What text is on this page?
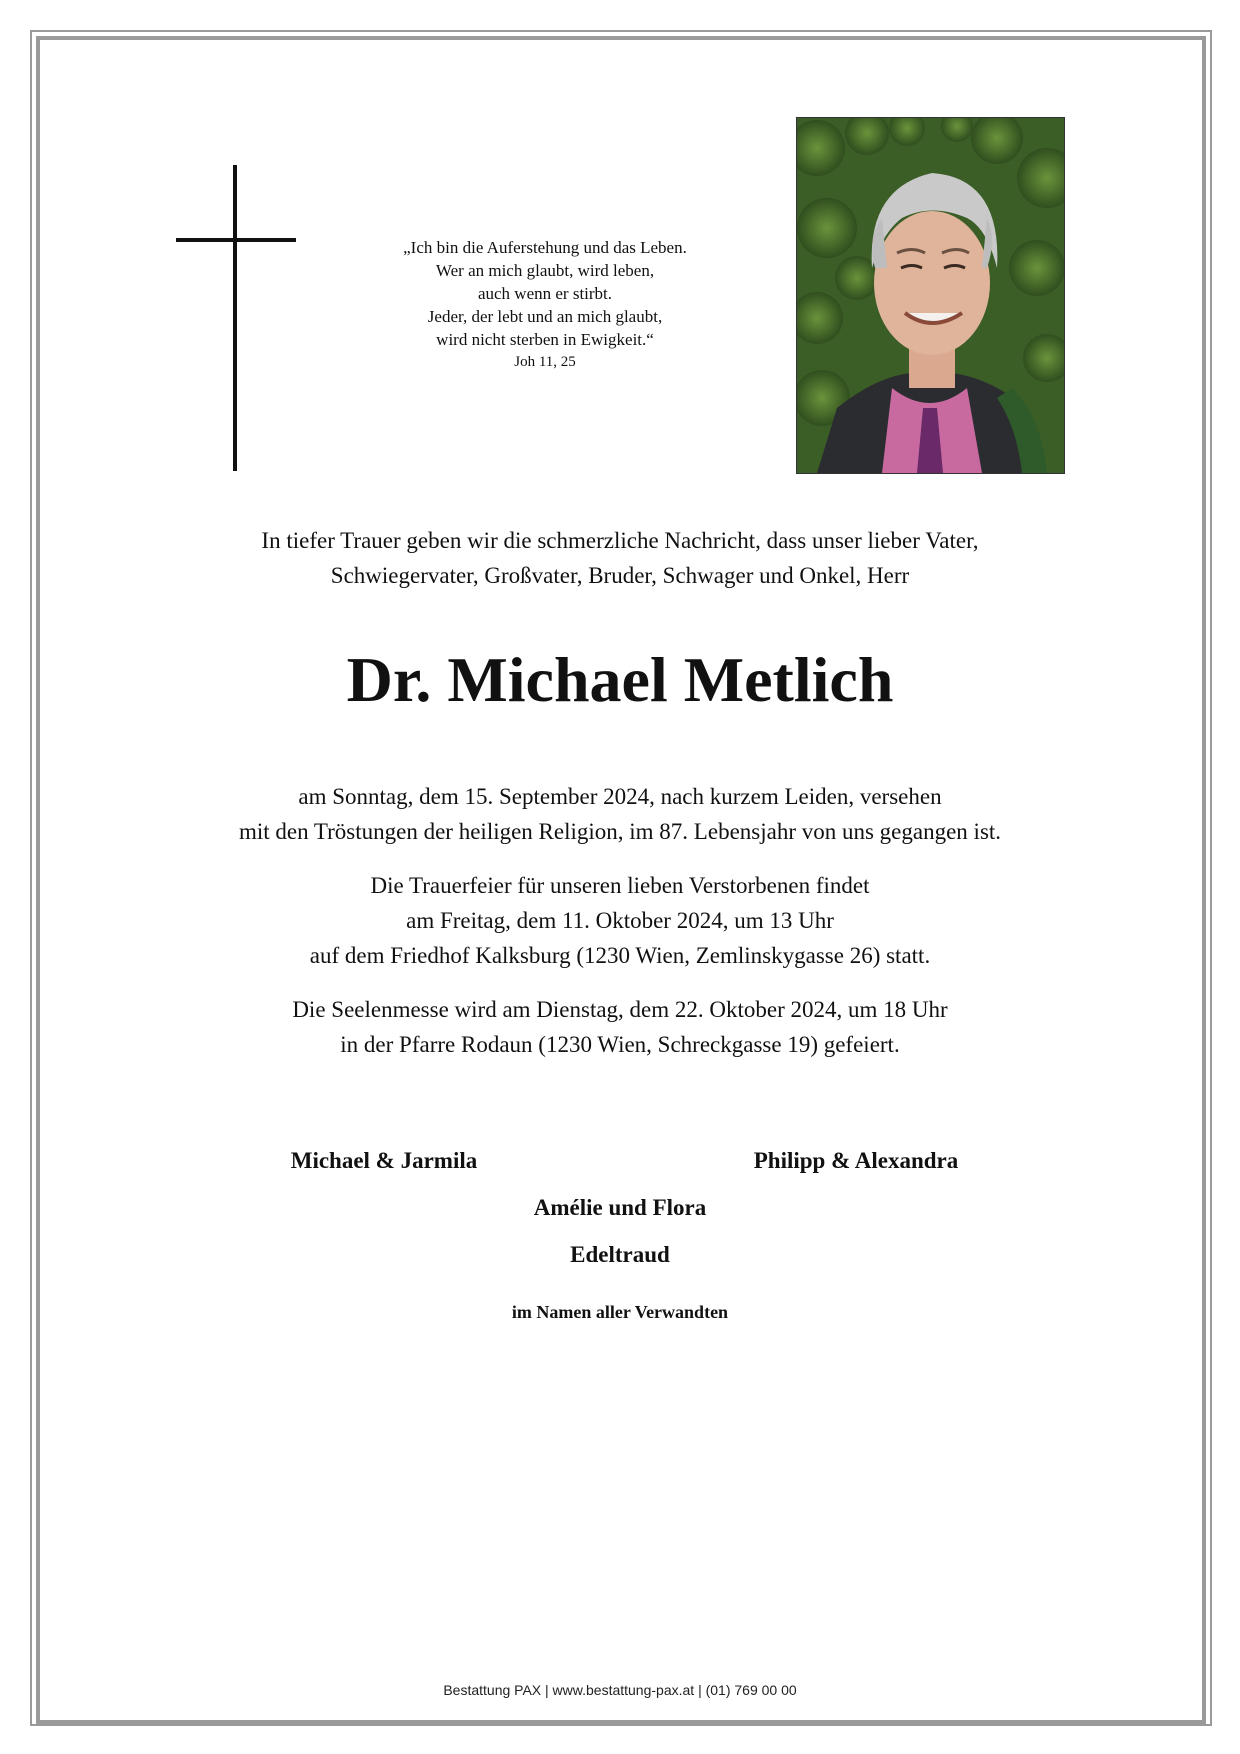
„Ich bin die Auferstehung und das Leben.
Wer an mich glaubt, wird leben,
auch wenn er stirbt.
Jeder, der lebt und an mich glaubt,
wird nicht sterben in Ewigkeit.“
Joh 11, 25
In tiefer Trauer geben wir die schmerzliche Nachricht, dass unser lieber Vater,
Schwiegervater, Großvater, Bruder, Schwager und Onkel, Herr
Dr. Michael Metlich
am Sonntag, dem 15. September 2024, nach kurzem Leiden, versehen
mit den Tröstungen der heiligen Religion, im 87. Lebensjahr von uns gegangen ist.
Die Trauerfeier für unseren lieben Verstorbenen findet
am Freitag, dem 11. Oktober 2024, um 13 Uhr
auf dem Friedhof Kalksburg (1230 Wien, Zemlinskygasse 26) statt.
Die Seelenmesse wird am Dienstag, dem 22. Oktober 2024, um 18 Uhr
in der Pfarre Rodaun (1230 Wien, Schreckgasse 19) gefeiert.
Michael & Jarmila	Philipp & Alexandra
Amélie und Flora
Edeltraud
im Namen aller Verwandten
Bestattung PAX | www.bestattung-pax.at | (01) 769 00 00
